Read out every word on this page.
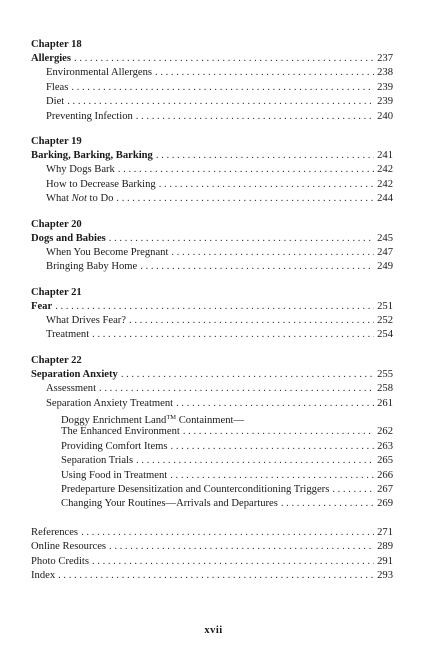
Chapter 18
Allergies . . .	237
Environmental Allergens . . .	238
Fleas . . .	239
Diet . . .	239
Preventing Infection . . .	240
Chapter 19
Barking, Barking, Barking . . .	241
Why Dogs Bark . . .	242
How to Decrease Barking . . .	242
What Not to Do . . .	244
Chapter 20
Dogs and Babies . . .	245
When You Become Pregnant . . .	247
Bringing Baby Home . . .	249
Chapter 21
Fear . . .	251
What Drives Fear? . . .	252
Treatment . . .	254
Chapter 22
Separation Anxiety . . .	255
Assessment . . .	258
Separation Anxiety Treatment . . .	261
Doggy Enrichment Land™ Containment—
The Enhanced Environment . . .	262
Providing Comfort Items . . .	263
Separation Trials . . .	265
Using Food in Treatment . . .	266
Predeparture Desensitization and Counterconditioning Triggers . . .	267
Changing Your Routines—Arrivals and Departures . . .	269
References . . .	271
Online Resources . . .	289
Photo Credits . . .	291
Index . . .	293
xvii
